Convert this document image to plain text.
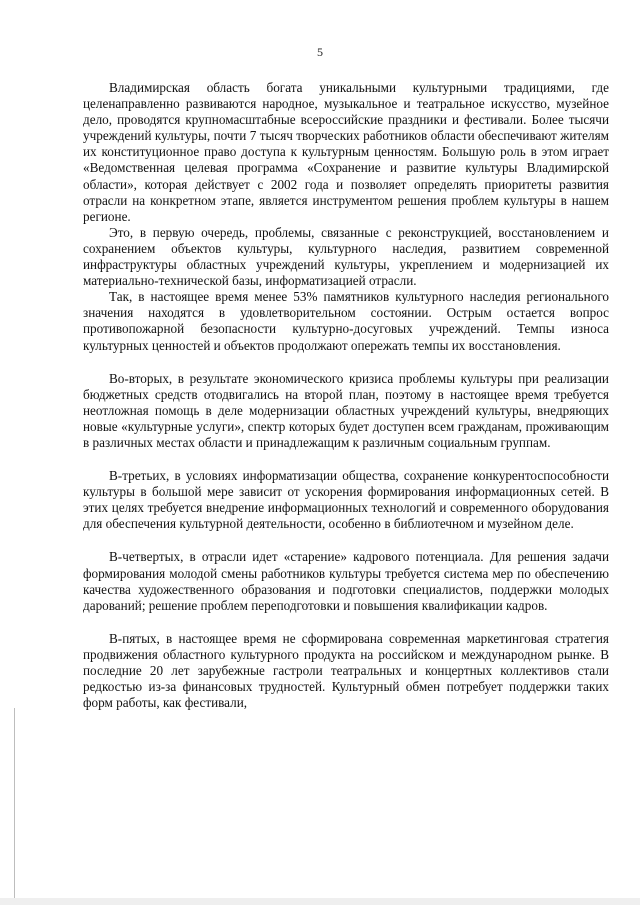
5

Владимирская область богата уникальными культурными традициями, где целенаправленно развиваются народное, музыкальное и театральное искусство, музейное дело, проводятся крупномасштабные всероссийские праздники и фестивали. Более тысячи учреждений культуры, почти 7 тысяч творческих работников области обеспечивают жителям их конституционное право доступа к культурным ценностям. Большую роль в этом играет «Ведомственная целевая программа «Сохранение и развитие культуры Владимирской области», которая действует с 2002 года и позволяет определять приоритеты развития отрасли на конкретном этапе, является инструментом решения проблем культуры в нашем регионе.

Это, в первую очередь, проблемы, связанные с реконструкцией, восстановлением и сохранением объектов культуры, культурного наследия, развитием современной инфраструктуры областных учреждений культуры, укреплением и модернизацией их материально-технической базы, информатизацией отрасли.

Так, в настоящее время менее 53% памятников культурного наследия регионального значения находятся в удовлетворительном состоянии. Острым остается вопрос противопожарной безопасности культурно-досуговых учреждений. Темпы износа культурных ценностей и объектов продолжают опережать темпы их восстановления.

Во-вторых, в результате экономического кризиса проблемы культуры при реализации бюджетных средств отодвигались на второй план, поэтому в настоящее время требуется неотложная помощь в деле модернизации областных учреждений культуры, внедряющих новые «культурные услуги», спектр которых будет доступен всем гражданам, проживающим в различных местах области и принадлежащим к различным социальным группам.

В-третьих, в условиях информатизации общества, сохранение конкурентоспособности культуры в большой мере зависит от ускорения формирования информационных сетей. В этих целях требуется внедрение информационных технологий и современного оборудования для обеспечения культурной деятельности, особенно в библиотечном и музейном деле.

В-четвертых, в отрасли идет «старение» кадрового потенциала. Для решения задачи формирования молодой смены работников культуры требуется система мер по обеспечению качества художественного образования и подготовки специалистов, поддержки молодых дарований; решение проблем переподготовки и повышения квалификации кадров.

В-пятых, в настоящее время не сформирована современная маркетинговая стратегия продвижения областного культурного продукта на российском и международном рынке. В последние 20 лет зарубежные гастроли театральных и концертных коллективов стали редкостью из-за финансовых трудностей. Культурный обмен потребует поддержки таких форм работы, как фестивали,
